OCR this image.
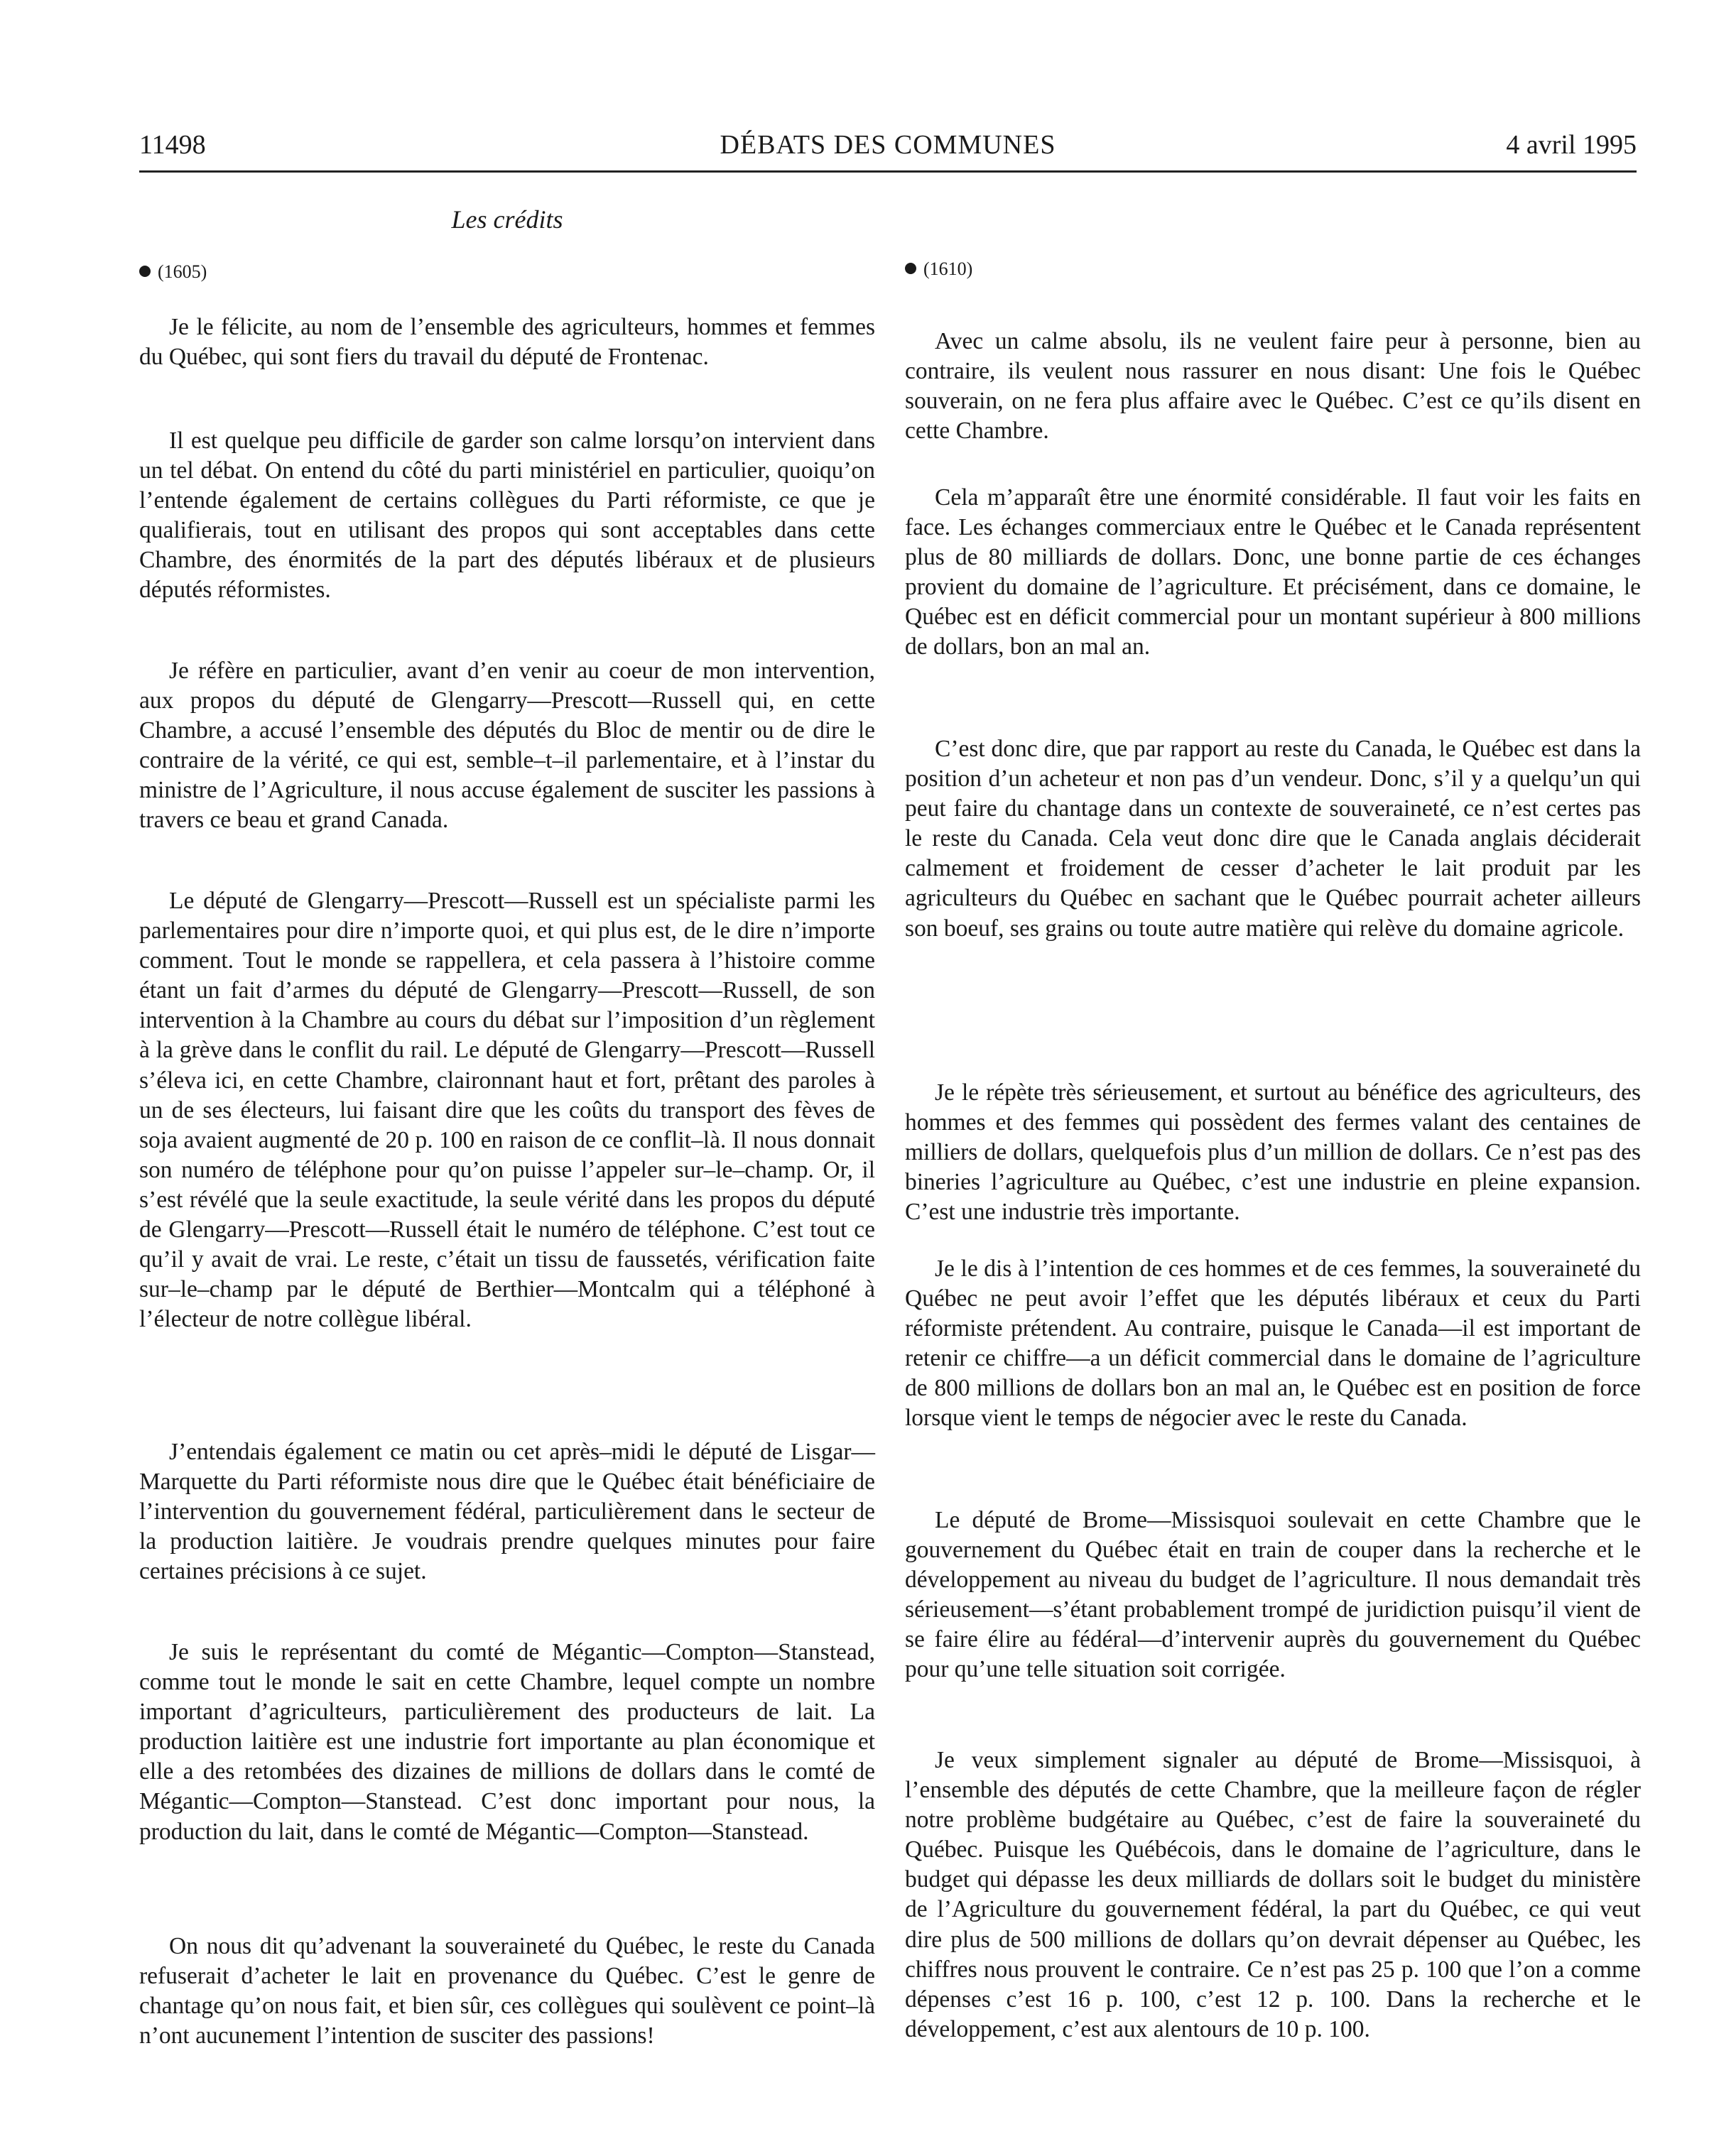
11498	DÉBATS DES COMMUNES	4 avril 1995
Les crédits
(1605)

Je le félicite, au nom de l’ensemble des agriculteurs, hommes et femmes du Québec, qui sont fiers du travail du député de Frontenac.

Il est quelque peu difficile de garder son calme lorsqu’on intervient dans un tel débat. On entend du côté du parti ministériel en particulier, quoiqu’on l’entende également de certains collègues du Parti réformiste, ce que je qualifierais, tout en utilisant des propos qui sont acceptables dans cette Chambre, des énormités de la part des députés libéraux et de plusieurs députés réformistes.

Je réfère en particulier, avant d’en venir au coeur de mon intervention, aux propos du député de Glengarry—Prescott—Russell qui, en cette Chambre, a accusé l’ensemble des députés du Bloc de mentir ou de dire le contraire de la vérité, ce qui est, semble–t–il parlementaire, et à l’instar du ministre de l’Agriculture, il nous accuse également de susciter les passions à travers ce beau et grand Canada.

Le député de Glengarry—Prescott—Russell est un spécialiste parmi les parlementaires pour dire n’importe quoi, et qui plus est, de le dire n’importe comment. Tout le monde se rappellera, et cela passera à l’histoire comme étant un fait d’armes du député de Glengarry—Prescott—Russell, de son intervention à la Chambre au cours du débat sur l’imposition d’un règlement à la grève dans le conflit du rail. Le député de Glengarry—Prescott—Russell s’éleva ici, en cette Chambre, claironnant haut et fort, prêtant des paroles à un de ses électeurs, lui faisant dire que les coûts du transport des fèves de soja avaient augmenté de 20 p. 100 en raison de ce conflit–là. Il nous donnait son numéro de téléphone pour qu’on puisse l’appeler sur–le–champ. Or, il s’est révélé que la seule exactitude, la seule vérité dans les propos du député de Glengarry—Prescott—Russell était le numéro de téléphone. C’est tout ce qu’il y avait de vrai. Le reste, c’était un tissu de faussetés, vérification faite sur–le–champ par le député de Berthier—Montcalm qui a téléphoné à l’électeur de notre collègue libéral.

J’entendais également ce matin ou cet après–midi le député de Lisgar—Marquette du Parti réformiste nous dire que le Québec était bénéficiaire de l’intervention du gouvernement fédéral, particulièrement dans le secteur de la production laitière. Je voudrais prendre quelques minutes pour faire certaines précisions à ce sujet.

Je suis le représentant du comté de Mégantic—Compton—Stanstead, comme tout le monde le sait en cette Chambre, lequel compte un nombre important d’agriculteurs, particulièrement des producteurs de lait. La production laitière est une industrie fort importante au plan économique et elle a des retombées des dizaines de millions de dollars dans le comté de Mégantic—Compton—Stanstead. C’est donc important pour nous, la production du lait, dans le comté de Mégantic—Compton—Stanstead.

On nous dit qu’advenant la souveraineté du Québec, le reste du Canada refuserait d’acheter le lait en provenance du Québec. C’est le genre de chantage qu’on nous fait, et bien sûr, ces collègues qui soulèvent ce point–là n’ont aucunement l’intention de susciter des passions!

(1610)

Avec un calme absolu, ils ne veulent faire peur à personne, bien au contraire, ils veulent nous rassurer en nous disant: Une fois le Québec souverain, on ne fera plus affaire avec le Québec. C’est ce qu’ils disent en cette Chambre.

Cela m’apparaît être une énormité considérable. Il faut voir les faits en face. Les échanges commerciaux entre le Québec et le Canada représentent plus de 80 milliards de dollars. Donc, une bonne partie de ces échanges provient du domaine de l’agriculture. Et précisément, dans ce domaine, le Québec est en déficit commercial pour un montant supérieur à 800 millions de dollars, bon an mal an.

C’est donc dire, que par rapport au reste du Canada, le Québec est dans la position d’un acheteur et non pas d’un vendeur. Donc, s’il y a quelqu’un qui peut faire du chantage dans un contexte de souveraineté, ce n’est certes pas le reste du Canada. Cela veut donc dire que le Canada anglais déciderait calmement et froidement de cesser d’acheter le lait produit par les agriculteurs du Québec en sachant que le Québec pourrait acheter ailleurs son boeuf, ses grains ou toute autre matière qui relève du domaine agricole.

Je le répète très sérieusement, et surtout au bénéfice des agriculteurs, des hommes et des femmes qui possèdent des fermes valant des centaines de milliers de dollars, quelquefois plus d’un million de dollars. Ce n’est pas des bineries l’agriculture au Québec, c’est une industrie en pleine expansion. C’est une industrie très importante.

Je le dis à l’intention de ces hommes et de ces femmes, la souveraineté du Québec ne peut avoir l’effet que les députés libéraux et ceux du Parti réformiste prétendent. Au contraire, puisque le Canada—il est important de retenir ce chiffre—a un déficit commercial dans le domaine de l’agriculture de 800 millions de dollars bon an mal an, le Québec est en position de force lorsque vient le temps de négocier avec le reste du Canada.

Le député de Brome—Missisquoi soulevait en cette Chambre que le gouvernement du Québec était en train de couper dans la recherche et le développement au niveau du budget de l’agriculture. Il nous demandait très sérieusement—s’étant probablement trompé de juridiction puisqu’il vient de se faire élire au fédéral—d’intervenir auprès du gouvernement du Québec pour qu’une telle situation soit corrigée.

Je veux simplement signaler au député de Brome—Missisquoi, à l’ensemble des députés de cette Chambre, que la meilleure façon de régler notre problème budgétaire au Québec, c’est de faire la souveraineté du Québec. Puisque les Québécois, dans le domaine de l’agriculture, dans le budget qui dépasse les deux milliards de dollars soit le budget du ministère de l’Agriculture du gouvernement fédéral, la part du Québec, ce qui veut dire plus de 500 millions de dollars qu’on devrait dépenser au Québec, les chiffres nous prouvent le contraire. Ce n’est pas 25 p. 100 que l’on a comme dépenses c’est 16 p. 100, c’est 12 p. 100. Dans la recherche et le développement, c’est aux alentours de 10 p. 100.
